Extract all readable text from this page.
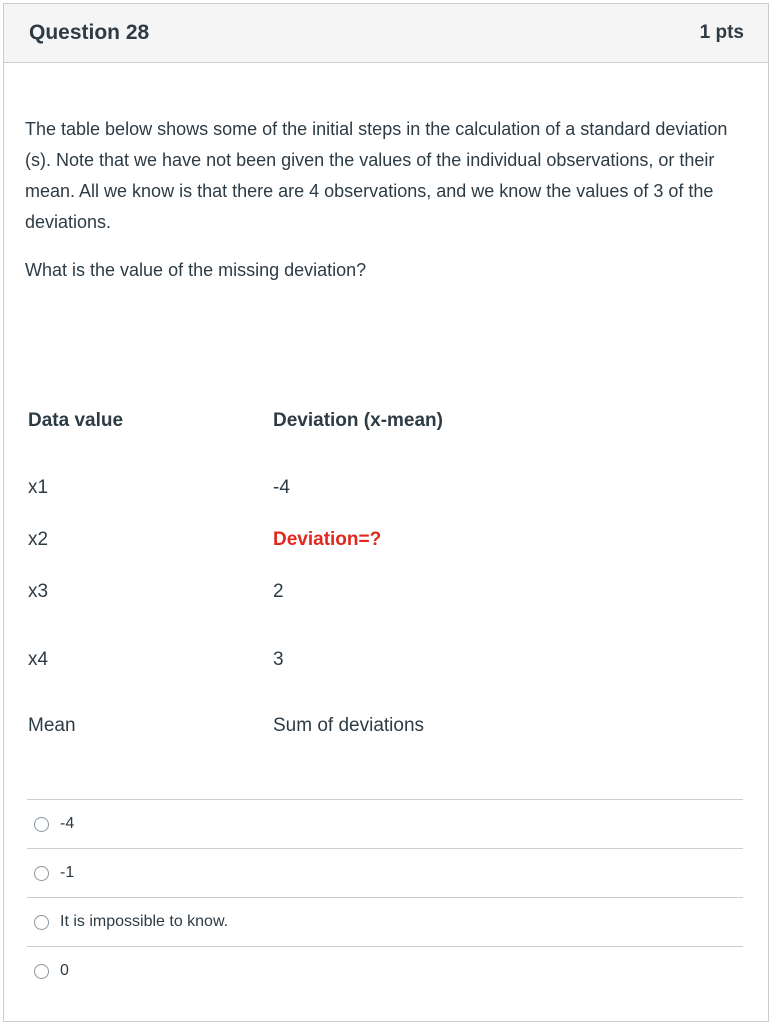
Question 28	1 pts

The table below shows some of the initial steps in the calculation of a standard deviation (s). Note that we have not been given the values of the individual observations, or their mean. All we know is that there are 4 observations, and we know the values of 3 of the deviations.

What is the value of the missing deviation?

Data value	Deviation (x-mean)
x1	-4
x2	Deviation=?
x3	2
x4	3
Mean	Sum of deviations
-4
-1
It is impossible to know.
0
